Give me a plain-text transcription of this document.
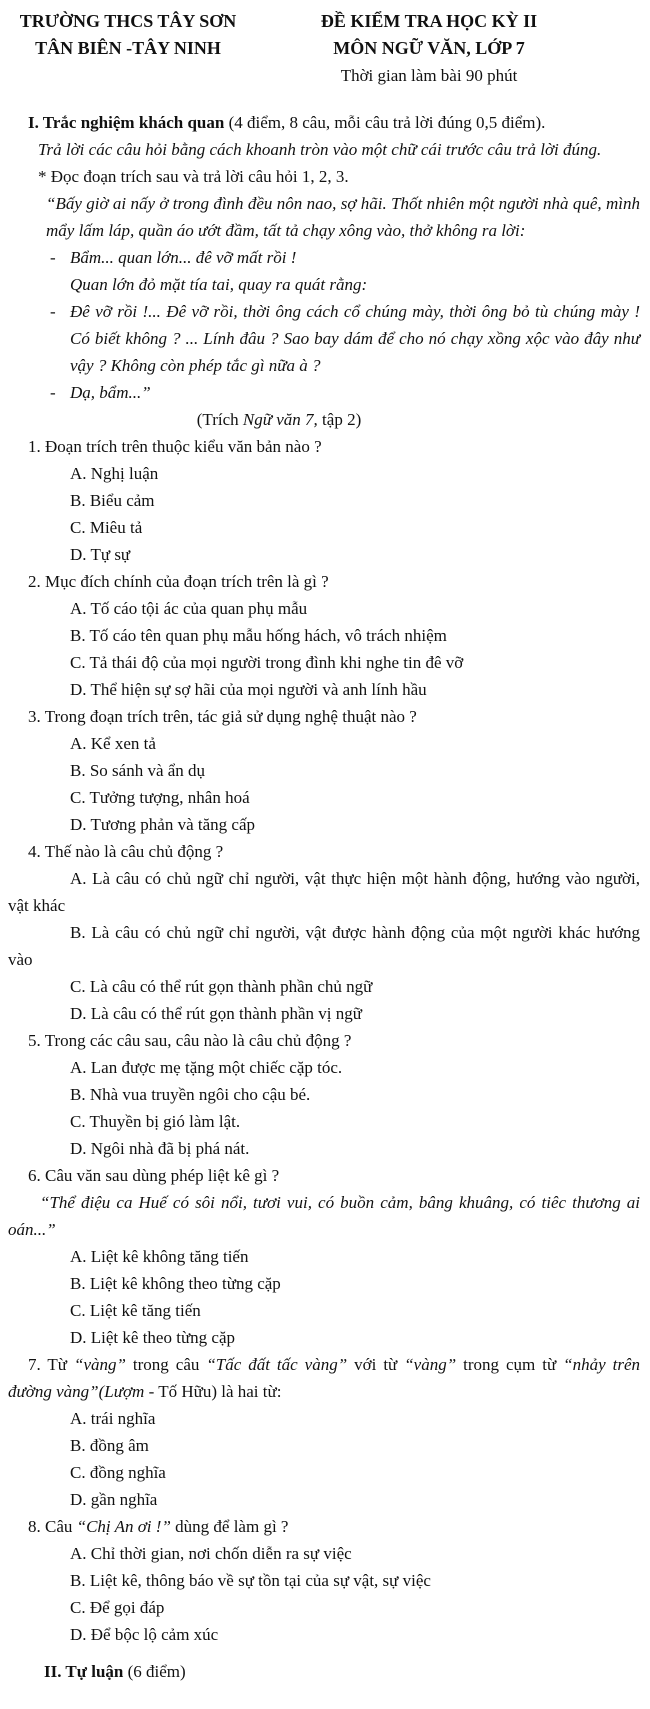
TRƯỜNG THCS TÂY SƠN

TÂN BIÊN -TÂY NINH

ĐỀ KIỂM TRA HỌC KỲ II

MÔN NGỮ VĂN, LỚP 7

Thời gian làm bài 90 phút

I. Trắc nghiệm khách quan (4 điểm, 8 câu, mỗi câu trả lời đúng 0,5 điểm).

Trả lời các câu hỏi bằng cách khoanh tròn vào một chữ cái trước câu trả lời đúng.

* Đọc đoạn trích sau và trả lời câu hỏi 1, 2, 3.

“Bấy giờ ai nấy ở trong đình đều nôn nao, sợ hãi. Thốt nhiên một người nhà quê, mình mẩy lấm láp, quần áo ướt đầm, tất tả chạy xông vào, thở không ra lời:

- Bẩm... quan lớn... đê vỡ mất rồi !

Quan lớn đỏ mặt tía tai, quay ra quát rằng:

- Đê vỡ rồi !... Đê vỡ rồi, thời ông cách cổ chúng mày, thời ông bỏ tù chúng mày ! Có biết không ? ... Lính đâu ? Sao bay dám để cho nó chạy xồng xộc vào đây như vậy ? Không còn phép tắc gì nữa à ?

- Dạ, bẩm...”

(Trích Ngữ văn 7, tập 2)

1. Đoạn trích trên thuộc kiểu văn bản nào ?

A. Nghị luận

B. Biểu cảm

C. Miêu tả

D. Tự sự

2. Mục đích chính của đoạn trích trên là gì ?

A. Tố cáo tội ác của quan phụ mẫu

B. Tố cáo tên quan phụ mẫu hống hách, vô trách nhiệm

C. Tả thái độ của mọi người trong đình khi nghe tin đê vỡ

D. Thể hiện sự sợ hãi của mọi người và anh lính hầu

3. Trong đoạn trích trên, tác giả sử dụng nghệ thuật nào ?

A. Kể xen tả

B. So sánh và ẩn dụ

C. Tưởng tượng, nhân hoá

D. Tương phản và tăng cấp

4. Thế nào là câu chủ động ?

A. Là câu có chủ ngữ chỉ người, vật thực hiện một hành động, hướng vào người, vật khác

B. Là câu có chủ ngữ chỉ người, vật được hành động của một người khác hướng vào

C. Là câu có thể rút gọn thành phần chủ ngữ

D. Là câu có thể rút gọn thành phần vị ngữ

5. Trong các câu sau, câu nào là câu chủ động ?

A. Lan được mẹ tặng một chiếc cặp tóc.

B. Nhà vua truyền ngôi cho cậu bé.

C. Thuyền bị gió làm lật.

D. Ngôi nhà đã bị phá nát.

6. Câu văn sau dùng phép liệt kê gì ?

“Thể điệu ca Huế có sôi nổi, tươi vui, có buồn cảm, bâng khuâng, có tiêc thương ai oán...”

A. Liệt kê không tăng tiến

B. Liệt kê không theo từng cặp

C. Liệt kê tăng tiến

D. Liệt kê theo từng cặp

7. Từ “vàng” trong câu “Tấc đất tấc vàng” với từ “vàng” trong cụm từ “nhảy trên đường vàng”(Lượm - Tố Hữu) là hai từ:

A. trái nghĩa

B. đồng âm

C. đồng nghĩa

D. gần nghĩa

8. Câu “Chị An ơi !” dùng để làm gì ?

A. Chỉ thời gian, nơi chốn diễn ra sự việc

B. Liệt kê, thông báo về sự tồn tại của sự vật, sự việc

C. Để gọi đáp

D. Để bộc lộ cảm xúc

II. Tự luận (6 điểm)
